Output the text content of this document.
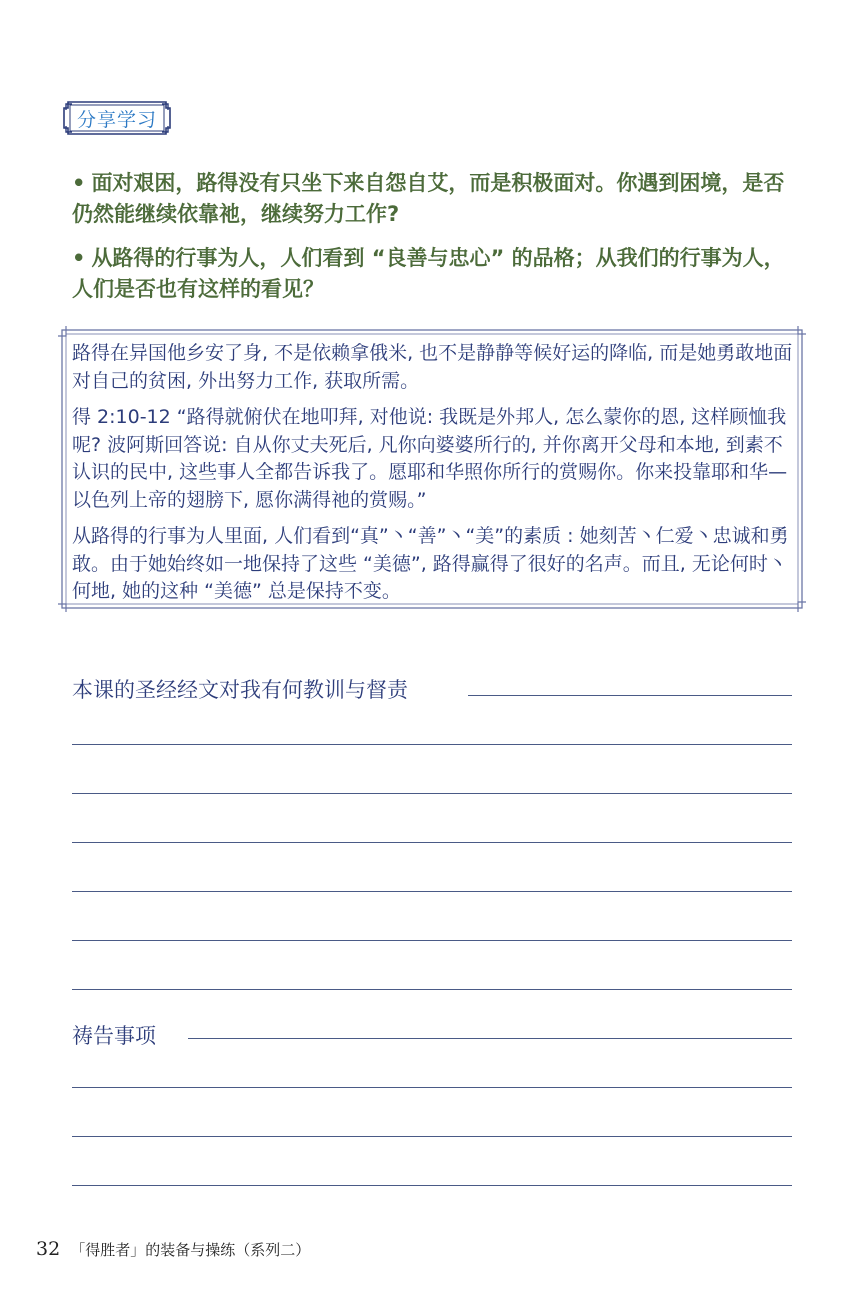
分享学习

• 面对艰困，路得没有只坐下来自怨自艾，而是积极面对。你遇到困境，是否仍然能继续依靠祂，继续努力工作?

• 从路得的行事为人，人们看到 “良善与忠心” 的品格；从我们的行事为人，人们是否也有这样的看见？

路得在异国他乡安了身, 不是依赖拿俄米, 也不是静静等候好运的降临, 而是她勇敢地面对自己的贫困, 外出努力工作, 获取所需。

得 2:10-12 “路得就俯伏在地叩拜, 对他说: 我既是外邦人, 怎么蒙你的恩, 这样顾恤我呢? 波阿斯回答说: 自从你丈夫死后, 凡你向婆婆所行的, 并你离开父母和本地, 到素不认识的民中, 这些事人全都告诉我了。愿耶和华照你所行的赏赐你。你来投靠耶和华—以色列上帝的翅膀下, 愿你满得祂的赏赐。”

从路得的行事为人里面, 人们看到“真”丶“善”丶“美”的素质 : 她刻苦丶仁爱丶忠诚和勇敢。由于她始终如一地保持了这些 “美德”, 路得赢得了很好的名声。而且, 无论何时丶何地, 她的这种 “美德” 总是保持不变。

本课的圣经经文对我有何教训与督责
祷告事项
32 「得胜者」的装备与操练（系列二）
